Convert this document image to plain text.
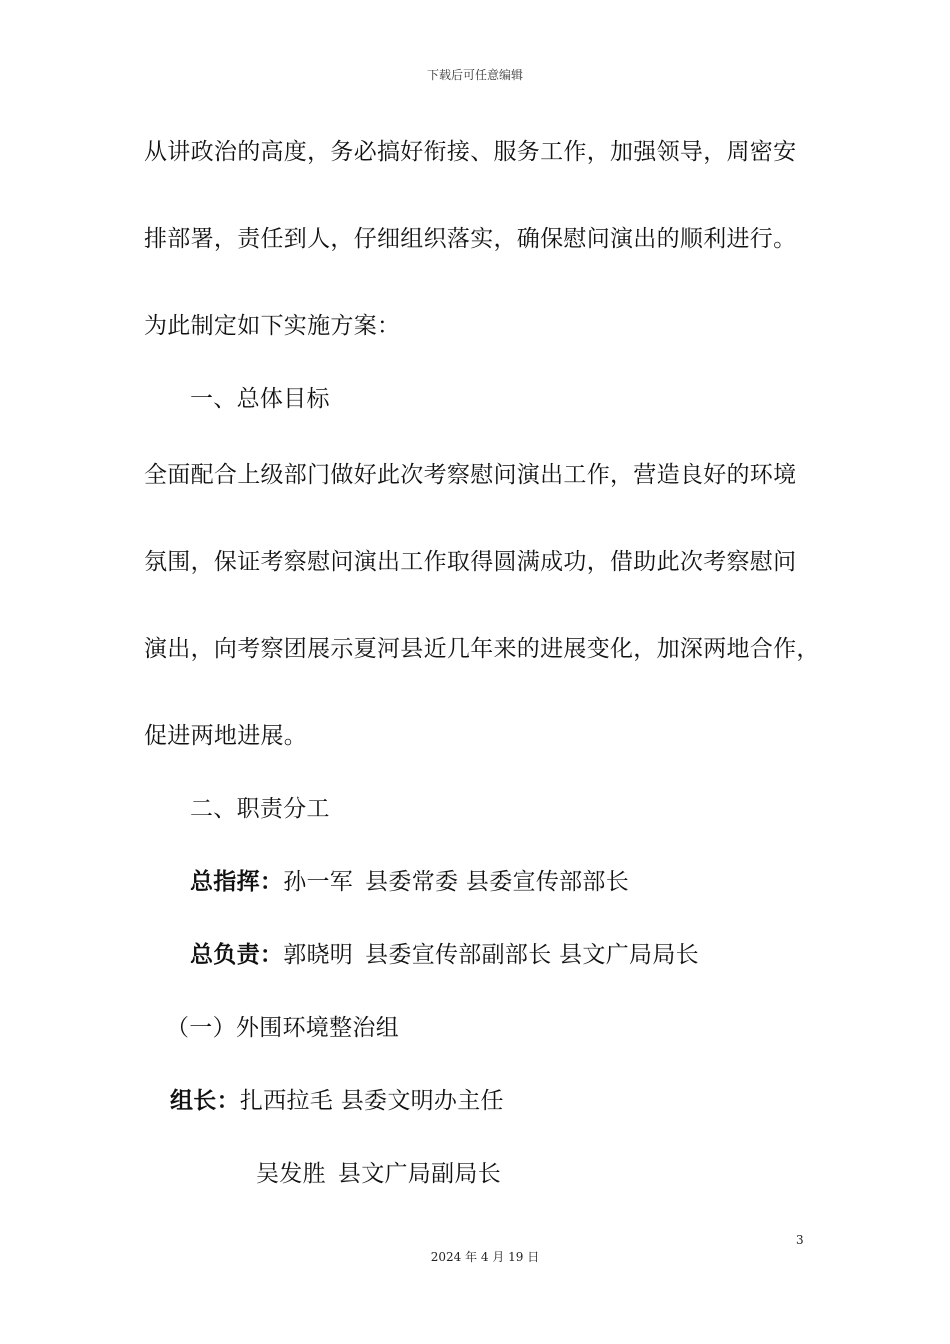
下载后可任意编辑
从讲政治的高度，务必搞好衔接、服务工作，加强领导，周密安
排部署，责任到人，仔细组织落实，确保慰问演出的顺利进行。
为此制定如下实施方案：
一、总体目标
全面配合上级部门做好此次考察慰问演出工作，营造良好的环境
氛围，保证考察慰问演出工作取得圆满成功，借助此次考察慰问
演出，向考察团展示夏河县近几年来的进展变化，加深两地合作，
促进两地进展。
二、职责分工
总指挥：孙一军 县委常委 县委宣传部部长
总负责：郭晓明 县委宣传部副部长 县文广局局长
（一）外围环境整治组
组长：扎西拉毛 县委文明办主任
吴发胜 县文广局副局长
3
2024 年 4 月 19 日
